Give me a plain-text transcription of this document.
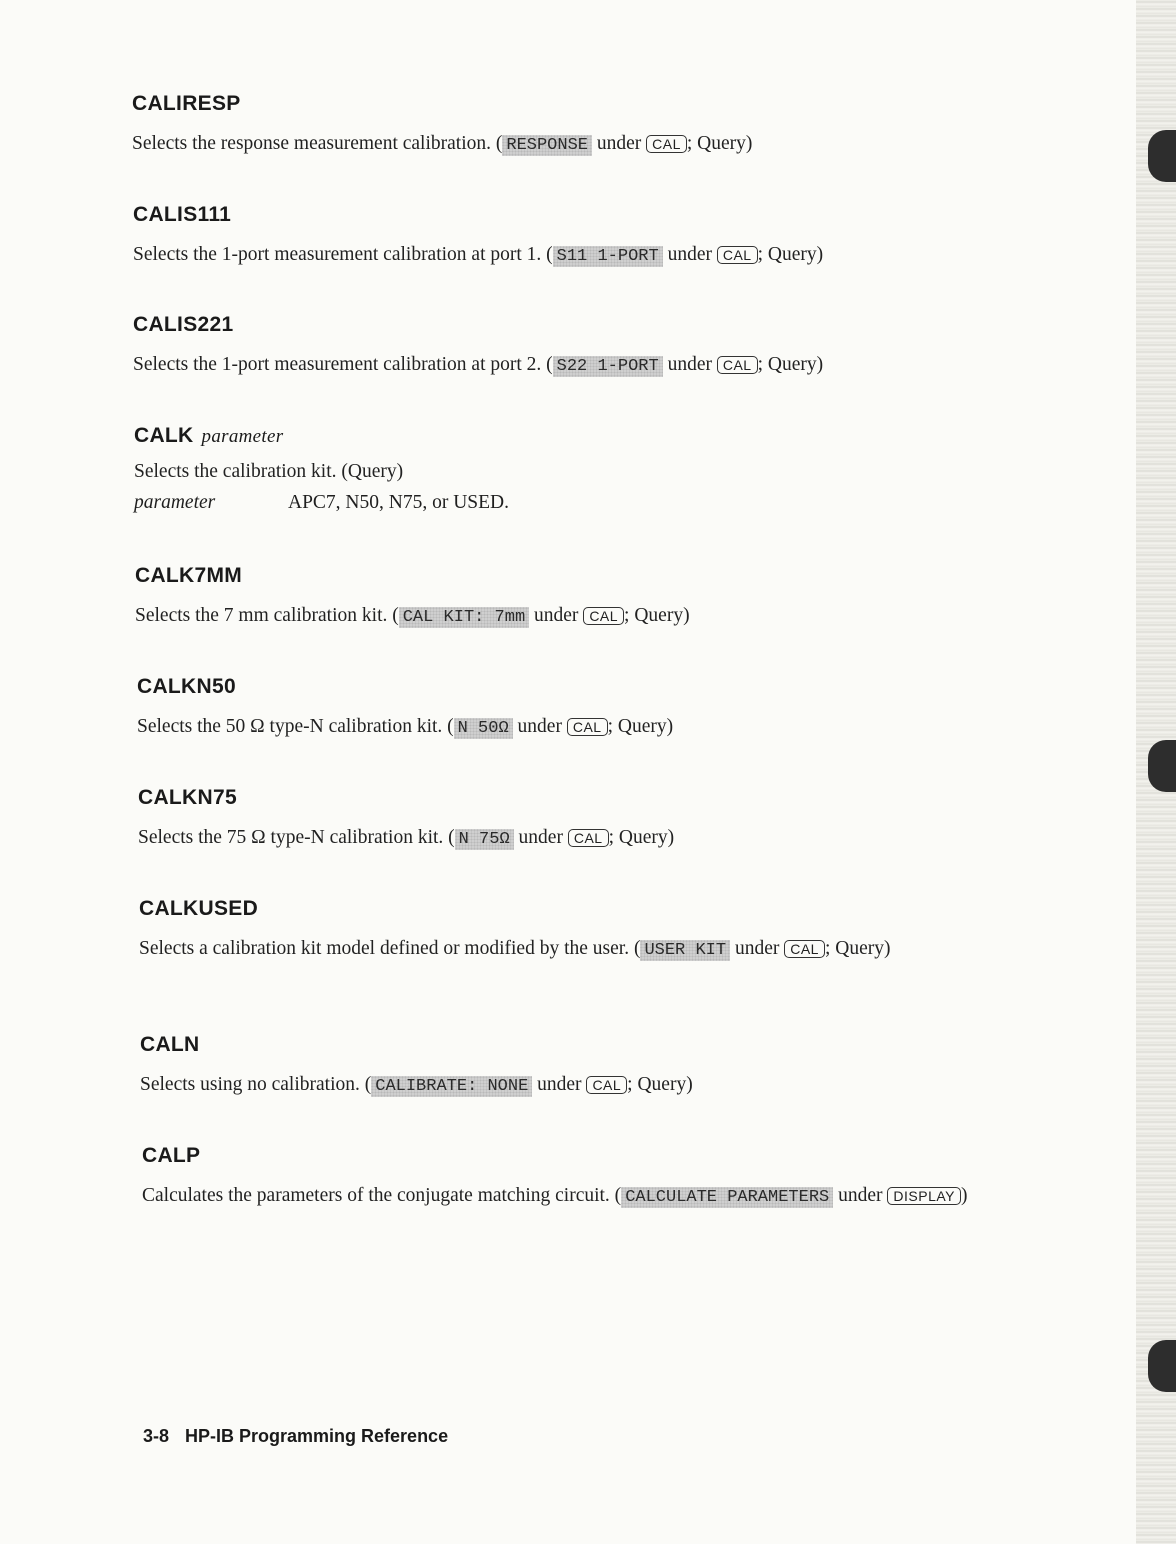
CALIRESP

Selects the response measurement calibration. ( RESPONSE under CAL ; Query)

CALIS111

Selects the 1-port measurement calibration at port 1. ( S11 1-PORT under CAL ; Query)

CALIS221

Selects the 1-port measurement calibration at port 2. ( S22 1-PORT under CAL ; Query)

CALK parameter

Selects the calibration kit. (Query)

parameter	APC7, N50, N75, or USED.
CALK7MM

Selects the 7 mm calibration kit. ( CAL KIT: 7mm under CAL ; Query)

CALKN50

Selects the 50 Ω type-N calibration kit. ( N 50Ω under CAL ; Query)

CALKN75

Selects the 75 Ω type-N calibration kit. ( N 75Ω under CAL ; Query)

CALKUSED

Selects a calibration kit model defined or modified by the user. ( USER KIT under CAL ; Query)

CALN

Selects using no calibration. ( CALIBRATE: NONE under CAL ; Query)

CALP

Calculates the parameters of the conjugate matching circuit. ( CALCULATE PARAMETERS under DISPLAY )

3-8 HP-IB Programming Reference
